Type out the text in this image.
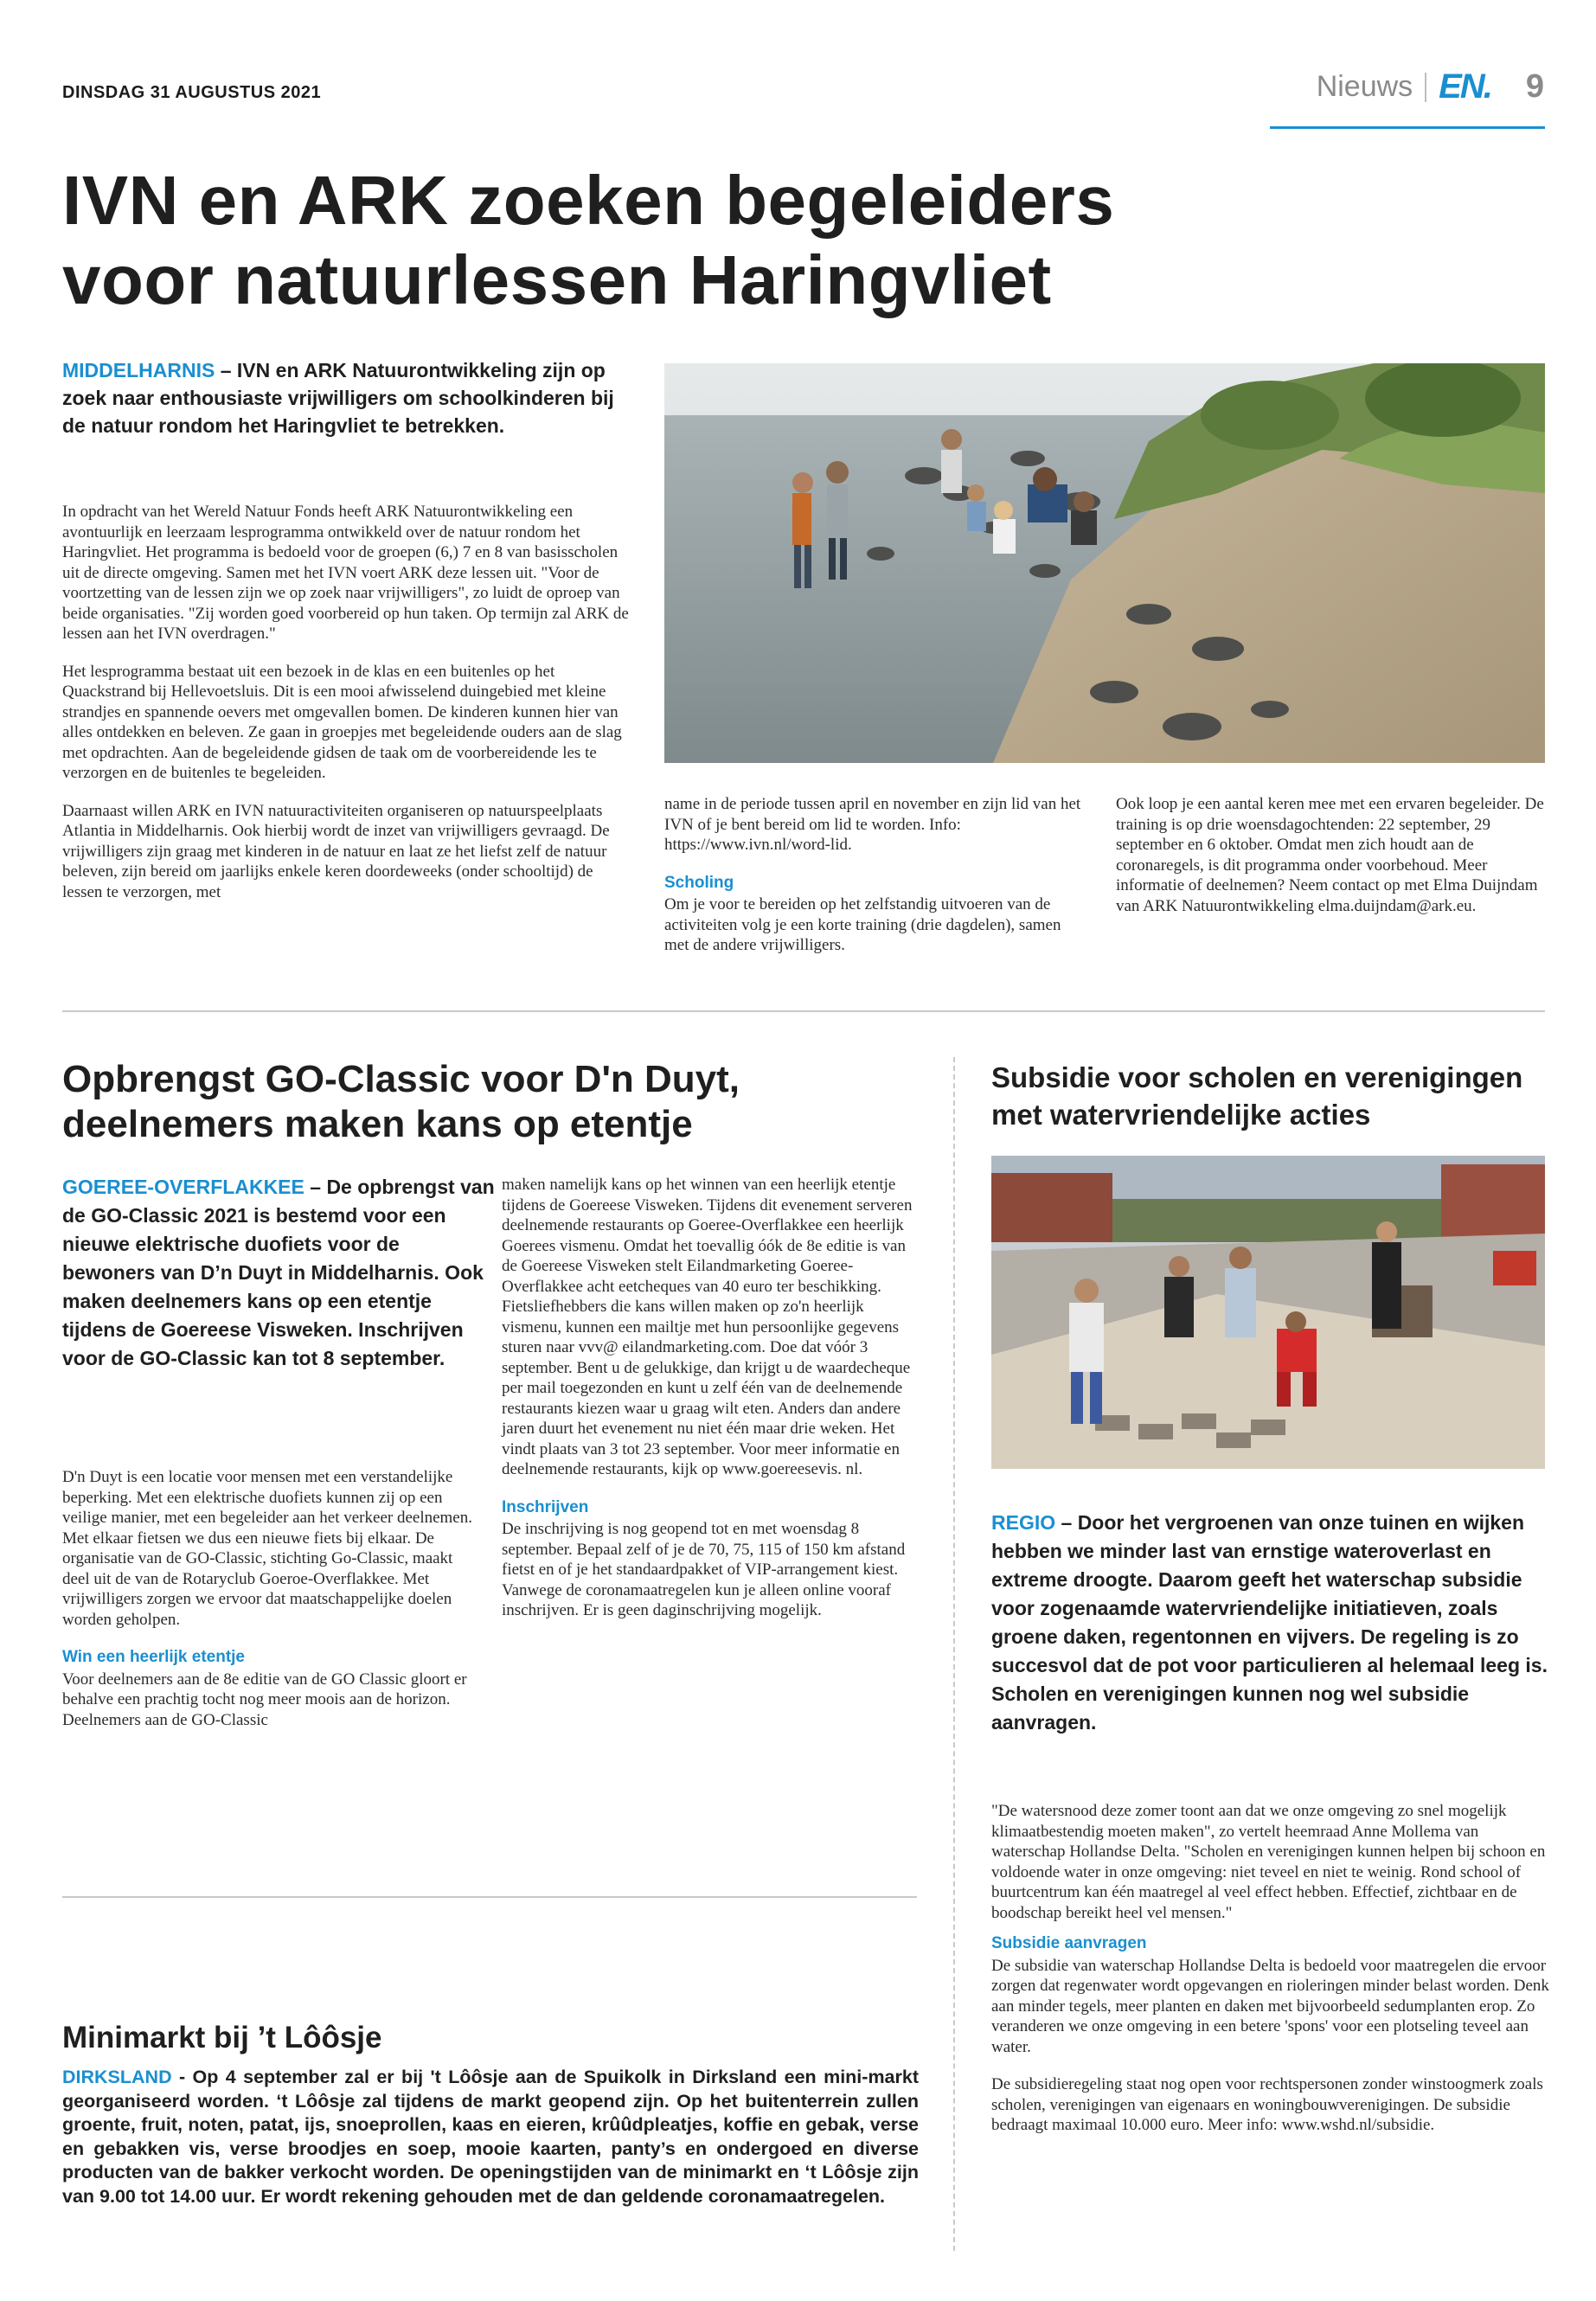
DINSDAG 31 AUGUSTUS 2021	Nieuws EN. 9
IVN en ARK zoeken begeleiders
voor natuurlessen Haringvliet
MIDDELHARNIS – IVN en ARK Natuurontwikkeling zijn op zoek naar enthousiaste vrijwilligers om schoolkinderen bij de natuur rondom het Haringvliet te betrekken.

In opdracht van het Wereld Natuur Fonds heeft ARK Natuurontwikkeling een avontuurlijk en leerzaam lesprogramma ontwikkeld over de natuur rondom het Haringvliet. Het programma is bedoeld voor de groepen (6,) 7 en 8 van basisscholen uit de directe omgeving. Samen met het IVN voert ARK deze lessen uit. "Voor de voortzetting van de lessen zijn we op zoek naar vrijwilligers", zo luidt de oproep van beide organisaties. "Zij worden goed voorbereid op hun taken. Op termijn zal ARK de lessen aan het IVN overdragen."

Het lesprogramma bestaat uit een bezoek in de klas en een buitenles op het Quackstrand bij Hellevoetsluis. Dit is een mooi afwisselend duingebied met kleine strandjes en spannende oevers met omgevallen bomen. De kinderen kunnen hier van alles ontdekken en beleven. Ze gaan in groepjes met begeleidende ouders aan de slag met opdrachten. Aan de begeleidende gidsen de taak om de voorbereidende les te verzorgen en de buitenles te begeleiden.

Daarnaast willen ARK en IVN natuuractiviteiten organiseren op natuurspeelplaats Atlantia in Middelharnis. Ook hierbij wordt de inzet van vrijwilligers gevraagd. De vrijwilligers zijn graag met kinderen in de natuur en laat ze het liefst zelf de natuur beleven, zijn bereid om jaarlijks enkele keren doordeweeks (onder schooltijd) de lessen te verzorgen, met

name in de periode tussen april en november en zijn lid van het IVN of je bent bereid om lid te worden. Info: https://www.ivn.nl/word-lid.

Scholing

Om je voor te bereiden op het zelfstandig uitvoeren van de activiteiten volg je een korte training (drie dagdelen), samen met de andere vrijwilligers.

Ook loop je een aantal keren mee met een ervaren begeleider. De training is op drie woensdagochtenden: 22 september, 29 september en 6 oktober. Omdat men zich houdt aan de coronaregels, is dit programma onder voorbehoud. Meer informatie of deelnemen? Neem contact op met Elma Duijndam van ARK Natuurontwikkeling elma.duijndam@ark.eu.

Opbrengst GO-Classic voor D'n Duyt,
deelnemers maken kans op etentje
GOEREE-OVERFLAKKEE – De opbrengst van de GO-Classic 2021 is bestemd voor een nieuwe elektrische duofiets voor de bewoners van D’n Duyt in Middelharnis. Ook maken deelnemers kans op een etentje tijdens de Goereese Visweken. Inschrijven voor de GO-Classic kan tot 8 september.

D'n Duyt is een locatie voor mensen met een verstandelijke beperking. Met een elektrische duofiets kunnen zij op een veilige manier, met een begeleider aan het verkeer deelnemen. Met elkaar fietsen we dus een nieuwe fiets bij elkaar. De organisatie van de GO-Classic, stichting Go-Classic, maakt deel uit de van de Rotaryclub Goeroe-Overflakkee. Met vrijwilligers zorgen we ervoor dat maatschappelijke doelen worden geholpen.

Win een heerlijk etentje

Voor deelnemers aan de 8e editie van de GO Classic gloort er behalve een prachtig tocht nog meer moois aan de horizon. Deelnemers aan de GO-Classic

maken namelijk kans op het winnen van een heerlijk etentje tijdens de Goereese Visweken. Tijdens dit evenement serveren deelnemende restaurants op Goeree-Overflakkee een heerlijk Goerees vismenu. Omdat het toevallig óók de 8e editie is van de Goereese Visweken stelt Eilandmarketing Goeree-Overflakkee acht eetcheques van 40 euro ter beschikking. Fietsliefhebbers die kans willen maken op zo'n heerlijk vismenu, kunnen een mailtje met hun persoonlijke gegevens sturen naar vvv@ eilandmarketing.com. Doe dat vóór 3 september. Bent u de gelukkige, dan krijgt u de waardecheque per mail toegezonden en kunt u zelf één van de deelnemende restaurants kiezen waar u graag wilt eten. Anders dan andere jaren duurt het evenement nu niet één maar drie weken. Het vindt plaats van 3 tot 23 september. Voor meer informatie en deelnemende restaurants, kijk op www.goereesevis. nl.

Inschrijven

De inschrijving is nog geopend tot en met woensdag 8 september. Bepaal zelf of je de 70, 75, 115 of 150 km afstand fietst en of je het standaardpakket of VIP-arrangement kiest. Vanwege de coronamaatregelen kun je alleen online vooraf inschrijven. Er is geen daginschrijving mogelijk.

Minimarkt bij ’t Lôôsje
DIRKSLAND - Op 4 september zal er bij 't Lôôsje aan de Spuikolk in Dirksland een mini-markt georganiseerd worden. ‘t Lôôsje zal tijdens de markt geopend zijn. Op het buitenterrein zullen groente, fruit, noten, patat, ijs, snoeprollen, kaas en eieren, krûûdpleatjes, koffie en gebak, verse en gebakken vis, verse broodjes en soep, mooie kaarten, panty’s en ondergoed en diverse producten van de bakker verkocht worden. De openingstijden van de minimarkt en ‘t Lôôsje zijn van 9.00 tot 14.00 uur. Er wordt rekening gehouden met de dan geldende coronamaatregelen.
Subsidie voor scholen en verenigingen
met watervriendelijke acties
REGIO – Door het vergroenen van onze tuinen en wijken hebben we minder last van ernstige wateroverlast en extreme droogte. Daarom geeft het waterschap subsidie voor zogenaamde watervriendelijke initiatieven, zoals groene daken, regentonnen en vijvers. De regeling is zo succesvol dat de pot voor particulieren al helemaal leeg is. Scholen en verenigingen kunnen nog wel subsidie aanvragen.

"De watersnood deze zomer toont aan dat we onze omgeving zo snel mogelijk klimaatbestendig moeten maken", zo vertelt heemraad Anne Mollema van waterschap Hollandse Delta. "Scholen en verenigingen kunnen helpen bij schoon en voldoende water in onze omgeving: niet teveel en niet te weinig. Rond school of buurtcentrum kan één maatregel al veel effect hebben. Effectief, zichtbaar en de boodschap bereikt heel vel mensen."

Subsidie aanvragen

De subsidie van waterschap Hollandse Delta is bedoeld voor maatregelen die ervoor zorgen dat regenwater wordt opgevangen en rioleringen minder belast worden. Denk aan minder tegels, meer planten en daken met bijvoorbeeld sedumplanten erop. Zo veranderen we onze omgeving in een betere 'spons' voor een plotseling teveel aan water.

De subsidieregeling staat nog open voor rechtspersonen zonder winstoogmerk zoals scholen, verenigingen van eigenaars en woningbouwverenigingen. De subsidie bedraagt maximaal 10.000 euro. Meer info: www.wshd.nl/subsidie.
